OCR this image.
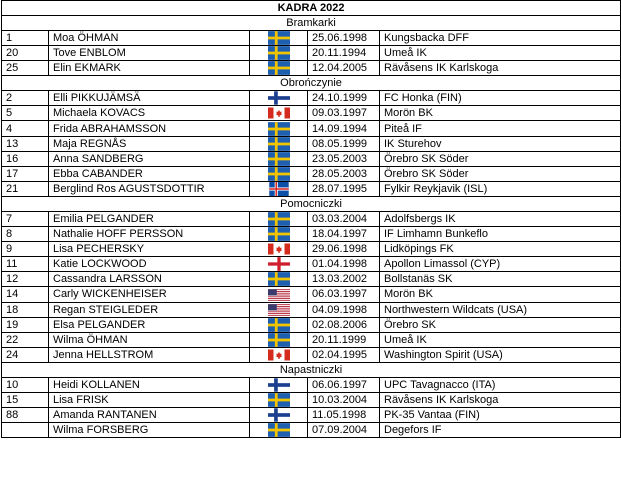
KADRA 2022				
Bramkarki				
1	Moa ÖHMAN		25.06.1998	Kungsbacka DFF
20	Tove ENBLOM		20.11.1994	Umeå IK
25	Elin EKMARK		12.04.2005	Rävåsens IK Karlskoga
Obrończynie				
2	Elli PIKKUJÄMSÄ		24.10.1999	FC Honka (FIN)
5	Michaela KOVACS		09.03.1997	Morön BK
4	Frida ABRAHAMSSON		14.09.1994	Piteå IF
13	Maja REGNÅS		08.05.1999	IK Sturehov
16	Anna SANDBERG		23.05.2003	Örebro SK Söder
17	Ebba CABANDER		28.05.2003	Örebro SK Söder
21	Berglind Ros AGUSTSDOTTIR		28.07.1995	Fylkir Reykjavik (ISL)
Pomocniczki				
7	Emilia PELGANDER		03.03.2004	Adolfsbergs IK
8	Nathalie HOFF PERSSON		18.04.1997	IF Limhamn Bunkeflo
9	Lisa PECHERSKY		29.06.1998	Lidköpings FK
11	Katie LOCKWOOD		01.04.1998	Apollon Limassol (CYP)
12	Cassandra LARSSON		13.03.2002	Bollstanäs SK
14	Carly WICKENHEISER		06.03.1997	Morön BK
18	Regan STEIGLEDER		04.09.1998	Northwestern Wildcats (USA)
19	Elsa PELGANDER		02.08.2006	Örebro SK
22	Wilma ÖHMAN		20.11.1999	Umeå IK
24	Jenna HELLSTROM		02.04.1995	Washington Spirit (USA)
Napastniczki				
10	Heidi KOLLANEN		06.06.1997	UPC Tavagnacco (ITA)
15	Lisa FRISK		10.03.2004	Rävåsens IK Karlskoga
88	Amanda RANTANEN		11.05.1998	PK-35 Vantaa (FIN)
	Wilma FORSBERG		07.09.2004	Degefors IF
